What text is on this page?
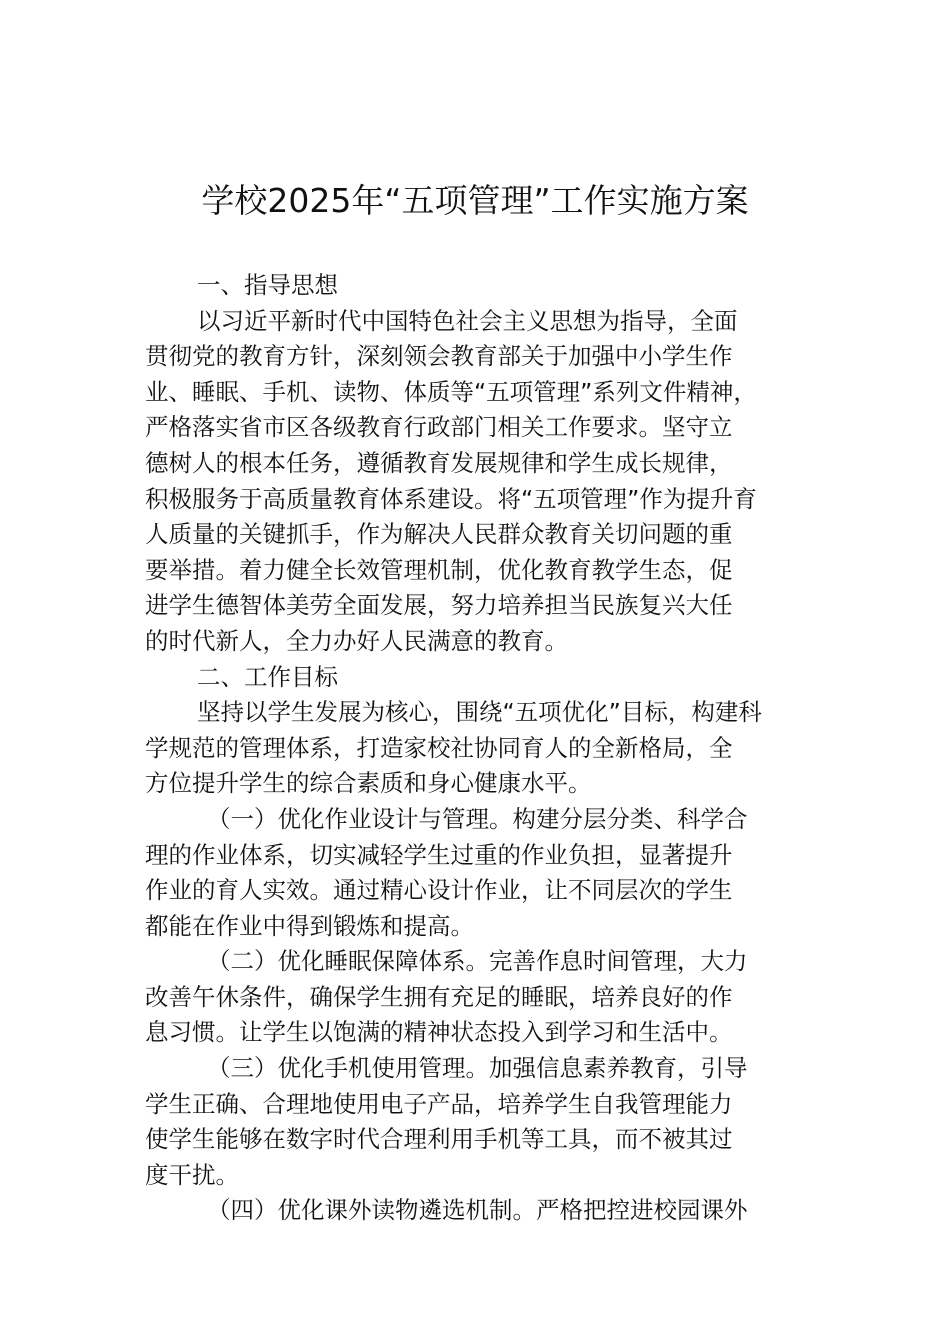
学校2025年“五项管理”工作实施方案
一、指导思想
以习近平新时代中国特色社会主义思想为指导，全面
贯彻党的教育方针，深刻领会教育部关于加强中小学生作
业、睡眠、手机、读物、体质等“五项管理”系列文件精神，
严格落实省市区各级教育行政部门相关工作要求。坚守立
德树人的根本任务，遵循教育发展规律和学生成长规律，
积极服务于高质量教育体系建设。将“五项管理”作为提升育
人质量的关键抓手，作为解决人民群众教育关切问题的重
要举措。着力健全长效管理机制，优化教育教学生态，促
进学生德智体美劳全面发展，努力培养担当民族复兴大任
的时代新人，全力办好人民满意的教育。
二、工作目标
坚持以学生发展为核心，围绕“五项优化”目标，构建科
学规范的管理体系，打造家校社协同育人的全新格局，全
方位提升学生的综合素质和身心健康水平。
（一）优化作业设计与管理。构建分层分类、科学合
理的作业体系，切实减轻学生过重的作业负担，显著提升
作业的育人实效。通过精心设计作业，让不同层次的学生
都能在作业中得到锻炼和提高。
（二）优化睡眠保障体系。完善作息时间管理，大力
改善午休条件，确保学生拥有充足的睡眠，培养良好的作
息习惯。让学生以饱满的精神状态投入到学习和生活中。
（三）优化手机使用管理。加强信息素养教育，引导
学生正确、合理地使用电子产品，培养学生自我管理能力
使学生能够在数字时代合理利用手机等工具，而不被其过
度干扰。
（四）优化课外读物遴选机制。严格把控进校园课外
